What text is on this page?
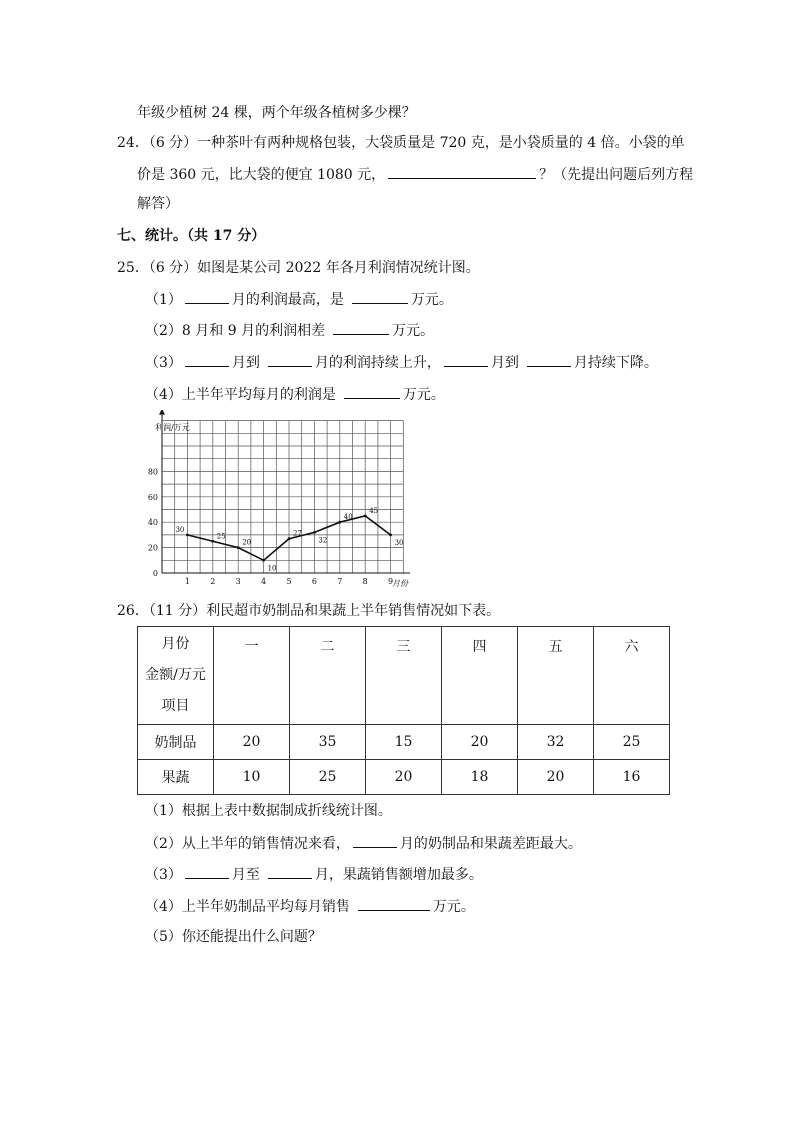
年级少植树 24 棵，两个年级各植树多少棵？
24．（6 分）一种茶叶有两种规格包装，大袋质量是 720 克，是小袋质量的 4 倍。小袋的单
价是 360 元，比大袋的便宜 1080 元，	？（先提出问题后列方程
解答）
七、统计。（共 17 分）
25．（6 分）如图是某公司 2022 年各月利润情况统计图。
（1）	月的利润最高，是	万元。
（2）8 月和 9 月的利润相差	万元。
（3）	月到	月的利润持续上升，	月到	月持续下降。
（4）上半年平均每月的利润是	万元。
0
20
40
60
80
1	2	3	4	5	6	7	8	9
30
25
20
10
27
32
40
45
30
利润/万元
月份
26．（11 分）利民超市奶制品和果蔬上半年销售情况如下表。
月份
金额/万元
项目	一	二	三	四	五	六
奶制品	20	35	15	20	32	25
果蔬	10	25	20	18	20	16
（1）根据上表中数据制成折线统计图。
（2）从上半年的销售情况来看，	月的奶制品和果蔬差距最大。
（3）	月至	月，果蔬销售额增加最多。
（4）上半年奶制品平均每月销售	万元。
（5）你还能提出什么问题？
